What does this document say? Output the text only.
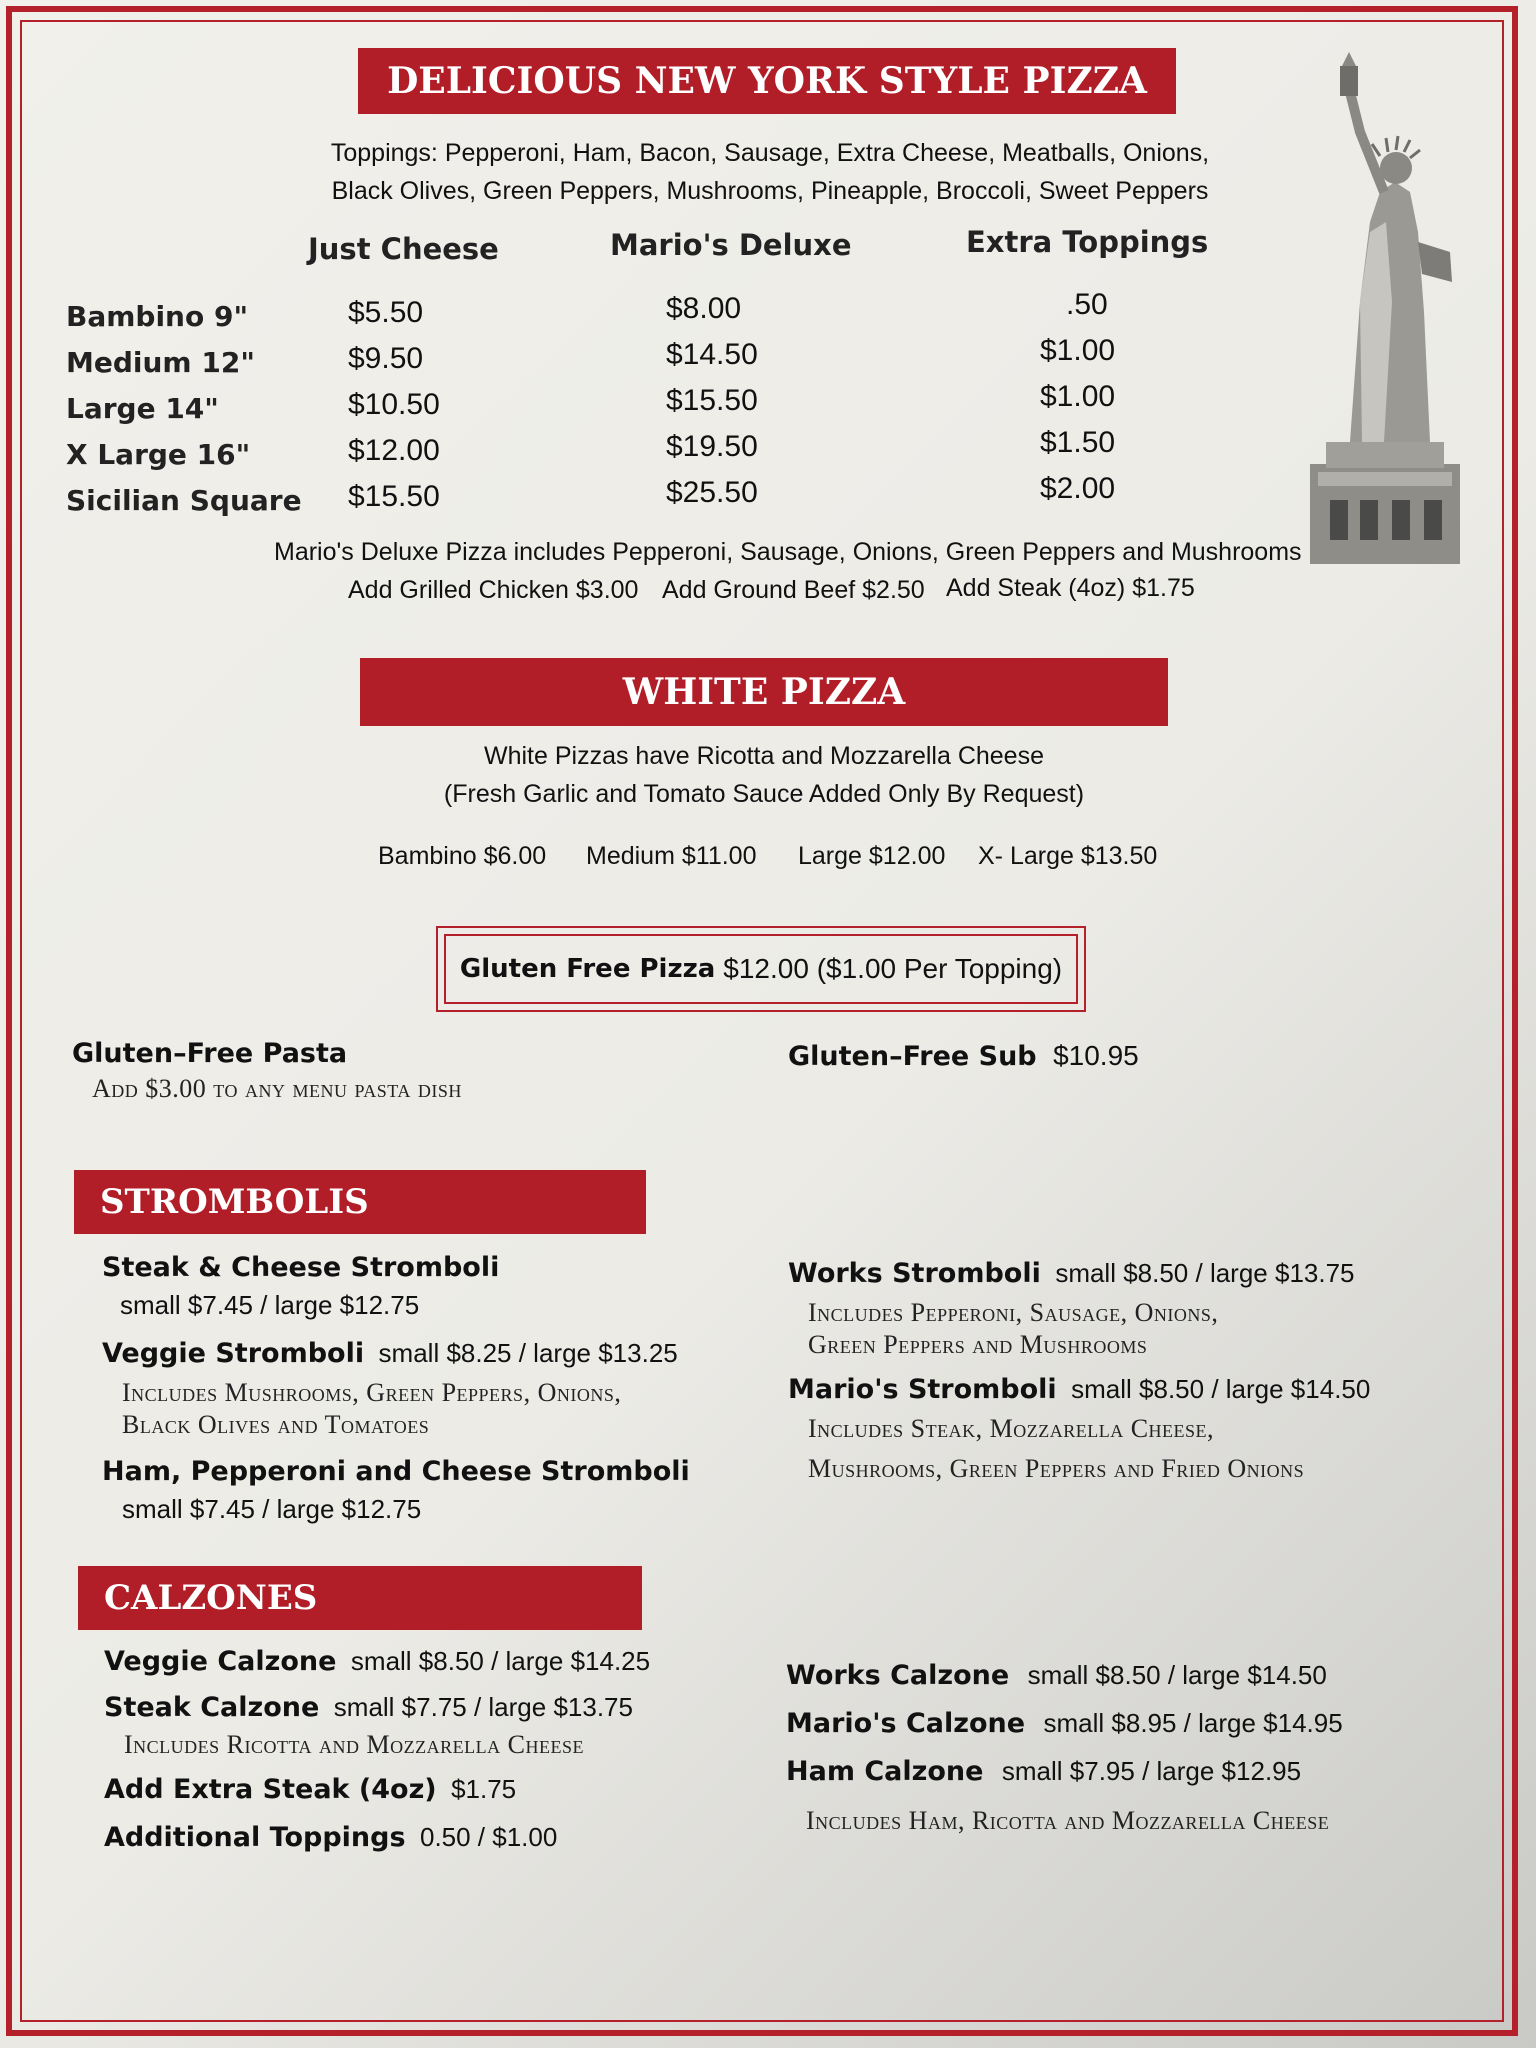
DELICIOUS NEW YORK STYLE PIZZA
Toppings: Pepperoni, Ham, Bacon, Sausage, Extra Cheese, Meatballs, Onions,
Black Olives, Green Peppers, Mushrooms, Pineapple, Broccoli, Sweet Peppers
Just Cheese	Mario's Deluxe	Extra Toppings
Bambino 9"	$5.50	$8.00	.50
Medium 12"	$9.50	$14.50	$1.00
Large 14"	$10.50	$15.50	$1.00
X Large 16"	$12.00	$19.50	$1.50
Sicilian Square $15.50	$25.50	$2.00
Mario's Deluxe Pizza includes Pepperoni, Sausage, Onions, Green Peppers and Mushrooms
Add Grilled Chicken $3.00 Add Ground Beef $2.50 Add Steak (4oz) $1.75
WHITE PIZZA
White Pizzas have Ricotta and Mozzarella Cheese
(Fresh Garlic and Tomato Sauce Added Only By Request)
Bambino $6.00 Medium $11.00 Large $12.00 X- Large $13.50
Gluten Free Pizza $12.00 ($1.00 Per Topping)
Gluten–Free Pasta
Add $3.00 to any menu pasta dish
Gluten–Free Sub $10.95
STROMBOLIS
Steak & Cheese Stromboli
small $7.45 / large $12.75
Veggie Stromboli small $8.25 / large $13.25
Includes Mushrooms, Green Peppers, Onions,
Black Olives and Tomatoes
Ham, Pepperoni and Cheese Stromboli
small $7.45 / large $12.75
Works Stromboli small $8.50 / large $13.75
Includes Pepperoni, Sausage, Onions,
Green Peppers and Mushrooms
Mario's Stromboli small $8.50 / large $14.50
Includes Steak, Mozzarella Cheese,
Mushrooms, Green Peppers and Fried Onions
CALZONES
Veggie Calzone small $8.50 / large $14.25
Steak Calzone small $7.75 / large $13.75
Includes Ricotta and Mozzarella Cheese
Add Extra Steak (4oz) $1.75
Additional Toppings 0.50 / $1.00
Works Calzone small $8.50 / large $14.50
Mario's Calzone small $8.95 / large $14.95
Ham Calzone small $7.95 / large $12.95
Includes Ham, Ricotta and Mozzarella Cheese
